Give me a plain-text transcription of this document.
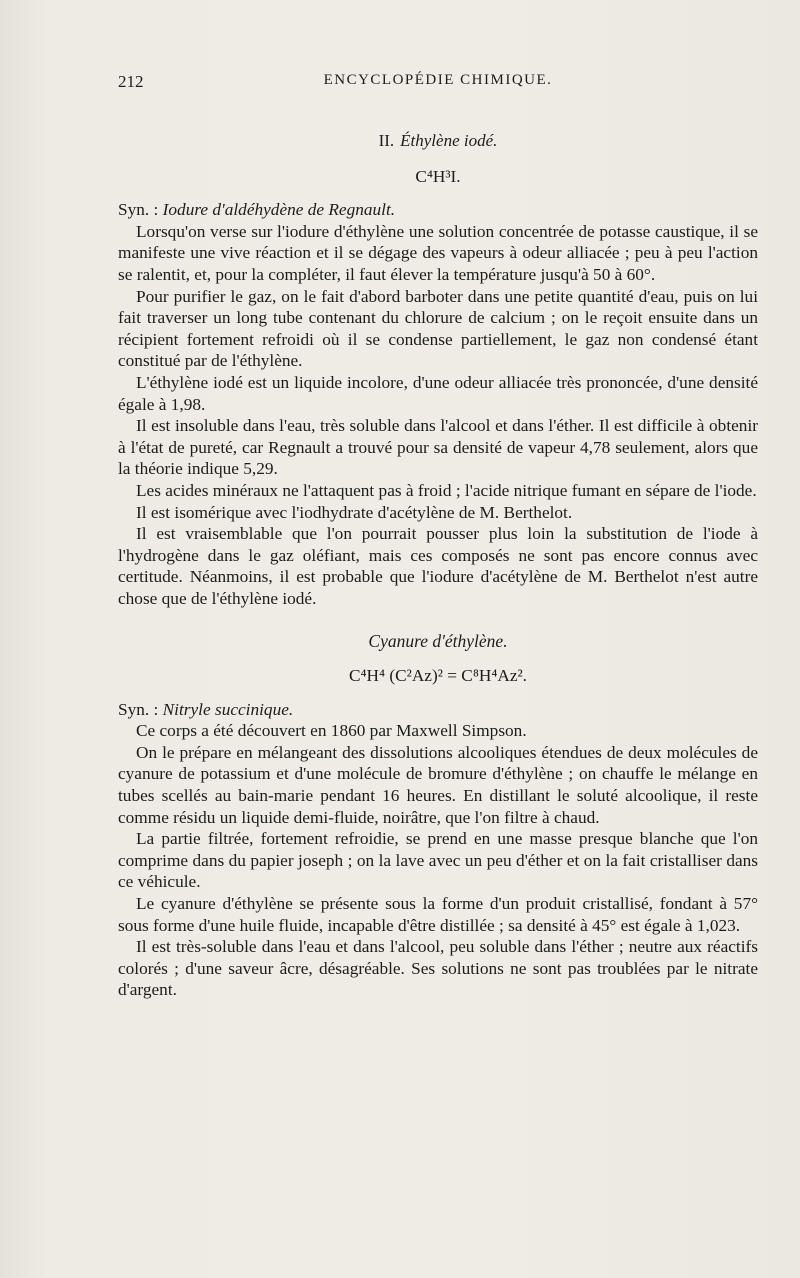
212	ENCYCLOPÉDIE CHIMIQUE.
II. Éthylène iodé.
C⁴H³I.

Syn. : Iodure d'aldéhydène de Regnault.

Lorsqu'on verse sur l'iodure d'éthylène une solution concentrée de potasse caustique, il se manifeste une vive réaction et il se dégage des vapeurs à odeur alliacée ; peu à peu l'action se ralentit, et, pour la compléter, il faut élever la température jusqu'à 50 à 60°.

Pour purifier le gaz, on le fait d'abord barboter dans une petite quantité d'eau, puis on lui fait traverser un long tube contenant du chlorure de calcium ; on le reçoit ensuite dans un récipient fortement refroidi où il se condense partiellement, le gaz non condensé étant constitué par de l'éthylène.

L'éthylène iodé est un liquide incolore, d'une odeur alliacée très prononcée, d'une densité égale à 1,98.

Il est insoluble dans l'eau, très soluble dans l'alcool et dans l'éther. Il est difficile à obtenir à l'état de pureté, car Regnault a trouvé pour sa densité de vapeur 4,78 seulement, alors que la théorie indique 5,29.

Les acides minéraux ne l'attaquent pas à froid ; l'acide nitrique fumant en sépare de l'iode.

Il est isomérique avec l'iodhydrate d'acétylène de M. Berthelot.

Il est vraisemblable que l'on pourrait pousser plus loin la substitution de l'iode à l'hydrogène dans le gaz oléfiant, mais ces composés ne sont pas encore connus avec certitude. Néanmoins, il est probable que l'iodure d'acétylène de M. Berthelot n'est autre chose que de l'éthylène iodé.

Cyanure d'éthylène.
C⁴H⁴ (C²Az)² = C⁸H⁴Az².

Syn. : Nitryle succinique.

Ce corps a été découvert en 1860 par Maxwell Simpson.

On le prépare en mélangeant des dissolutions alcooliques étendues de deux molécules de cyanure de potassium et d'une molécule de bromure d'éthylène ; on chauffe le mélange en tubes scellés au bain-marie pendant 16 heures. En distillant le soluté alcoolique, il reste comme résidu un liquide demi-fluide, noirâtre, que l'on filtre à chaud.

La partie filtrée, fortement refroidie, se prend en une masse presque blanche que l'on comprime dans du papier joseph ; on la lave avec un peu d'éther et on la fait cristalliser dans ce véhicule.

Le cyanure d'éthylène se présente sous la forme d'un produit cristallisé, fondant à 57° sous forme d'une huile fluide, incapable d'être distillée ; sa densité à 45° est égale à 1,023.

Il est très-soluble dans l'eau et dans l'alcool, peu soluble dans l'éther ; neutre aux réactifs colorés ; d'une saveur âcre, désagréable. Ses solutions ne sont pas troublées par le nitrate d'argent.
